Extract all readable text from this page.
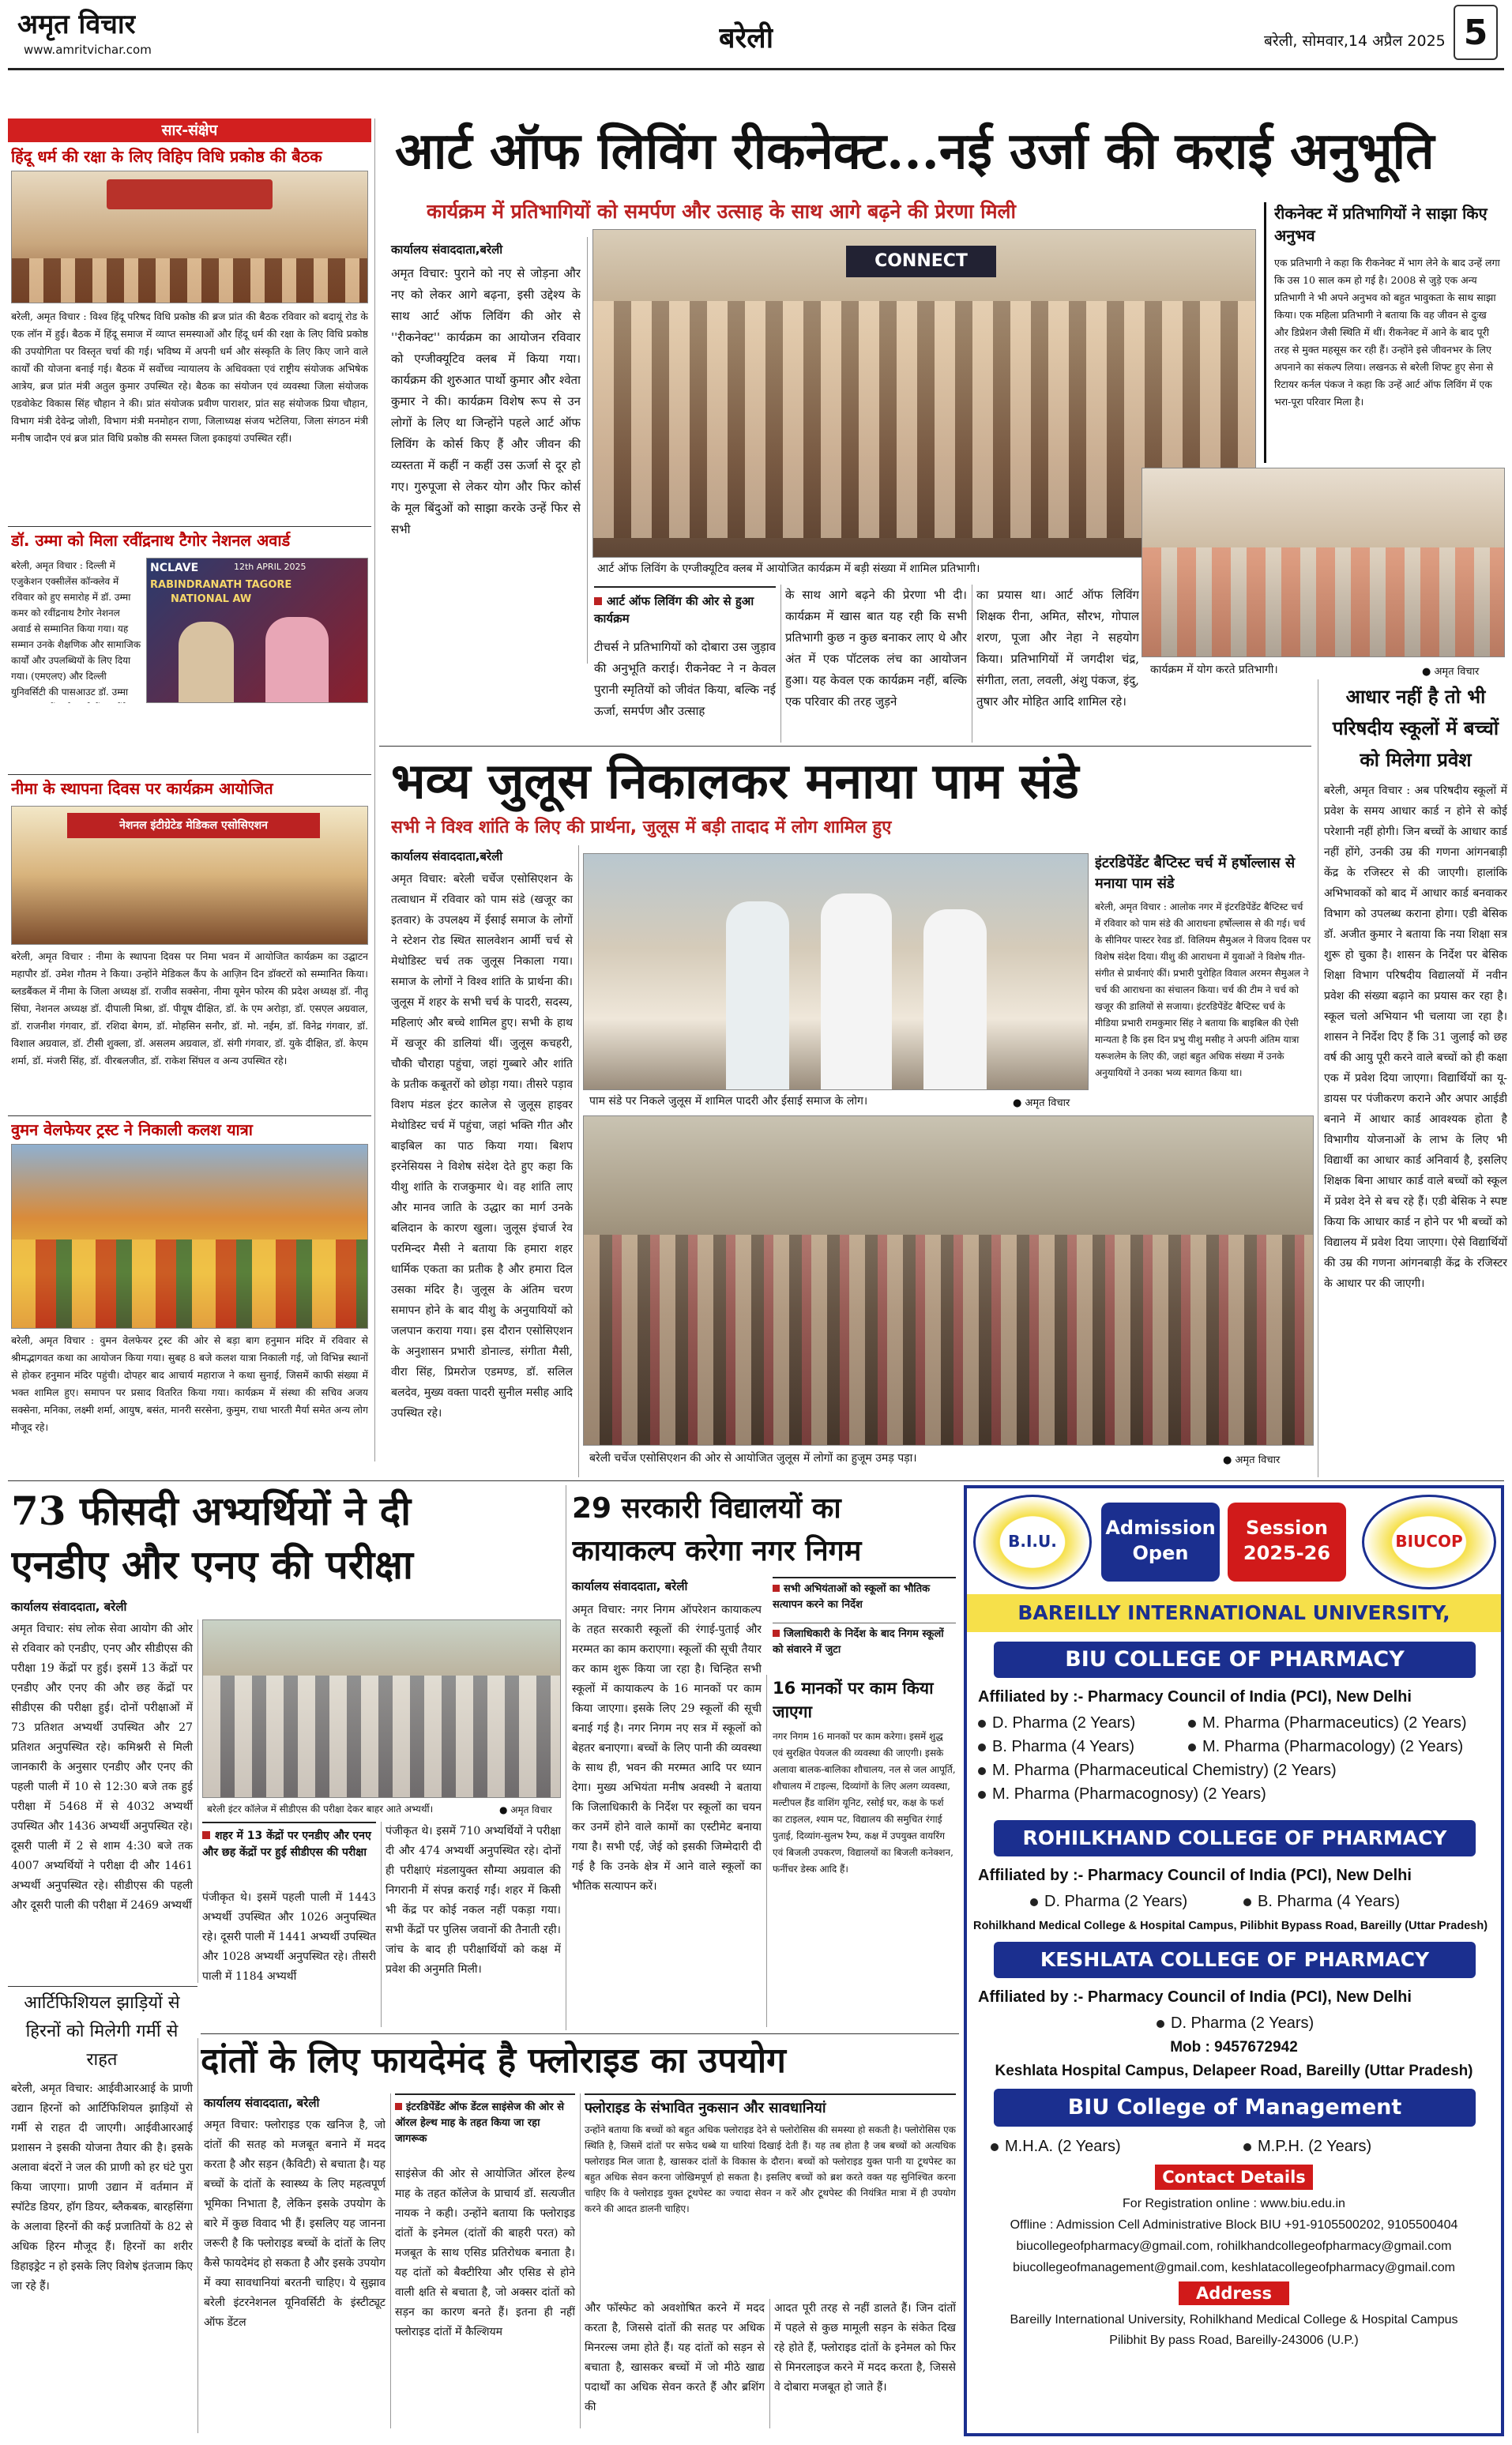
अमृत विचार
www.amritvichar.com	बरेली	बरेली, सोमवार,14 अप्रैल 2025 5
सार-संक्षेप
हिंदू धर्म की रक्षा के लिए विहिप विधि प्रकोष्ठ की बैठक
बरेली, अमृत विचार : विश्व हिंदू परिषद विधि प्रकोष्ठ की ब्रज प्रांत की बैठक रविवार को बदायूं रोड के एक लॉन में हुई। बैठक में हिंदू समाज में व्याप्त समस्याओं और हिंदू धर्म की रक्षा के लिए विधि प्रकोष्ठ की उपयोगिता पर विस्तृत चर्चा की गई। भविष्य में अपनी धर्म और संस्कृति के लिए किए जाने वाले कार्यों की योजना बनाई गई। बैठक में सर्वोच्च न्यायालय के अधिवक्ता एवं राष्ट्रीय संयोजक अभिषेक आत्रेय, ब्रज प्रांत मंत्री अतुल कुमार उपस्थित रहे। बैठक का संयोजन एवं व्यवस्था जिला संयोजक एडवोकेट विकास सिंह चौहान ने की। प्रांत संयोजक प्रवीण पाराशर, प्रांत सह संयोजक प्रिया चौहान, विभाग मंत्री देवेन्द्र जोशी, विभाग मंत्री मनमोहन राणा, जिलाध्यक्ष संजय भटेलिया, जिला संगठन मंत्री मनीष जादौन एवं ब्रज प्रांत विधि प्रकोष्ठ की समस्त जिला इकाइयां उपस्थित रहीं।
डॉ. उम्मा को मिला रवींद्रनाथ टैगोर नेशनल अवार्ड
NCLAVE	12th APRIL 2025
RABINDRANATH TAGORE
NATIONAL AW
बरेली, अमृत विचार : दिल्ली में एजुकेशन एक्सीलेंस कॉन्क्लेव में रविवार को हुए समारोह में डॉ. उम्मा कमर को रवींद्रनाथ टैगोर नेशनल अवार्ड से सम्मानित किया गया। यह सम्मान उनके शैक्षणिक और सामाजिक कार्यों और उपलब्धियों के लिए दिया गया। (एमएलए) और दिल्ली युनिवर्सिटी की पासआउट डॉ. उम्मा
नीमा के स्थापना दिवस पर कार्यक्रम आयोजित
नेशनल इंटीग्रेटेड मेडिकल एसोसिएशन
बरेली, अमृत विचार : नीमा के स्थापना दिवस पर निमा भवन में आयोजित कार्यक्रम का उद्घाटन महापौर डॉ. उमेश गौतम ने किया। उन्होंने मेडिकल कैंप के आज़िन दिन डॉक्टरों को सम्मानित किया। ब्लडबैंकल में नीमा के जिला अध्यक्ष डॉ. राजीव सक्सेना, नीमा यूमेन फोरम की प्रदेश अध्यक्ष डॉ. नीतू सिंघा, नेशनल अध्यक्ष डॉ. दीपाली मिश्रा, डॉ. पीयूष दीक्षित, डॉ. के एम अरोड़ा, डॉ. एसएल अग्रवाल, डॉ. राजनीश गंगवार, डॉ. रशिदा बेगम, डॉ. मोहसिन सनौर, डॉ. मो. नईम, डॉ. विनेद्र गंगवार, डॉ. विशाल अग्रवाल, डॉ. टीसी शुक्ला, डॉ. असलम अग्रवाल, डॉ. संगी गंगवार, डॉ. युके दीक्षित, डॉ. केएम शर्मा, डॉ. मंजरी सिंह, डॉ. वीरबलजीत, डॉ. राकेश सिंघल व अन्य उपस्थित रहे।
वुमन वेलफेयर ट्रस्ट ने निकाली कलश यात्रा
बरेली, अमृत विचार : वुमन वेलफेयर ट्रस्ट की ओर से बड़ा बाग हनुमान मंदिर में रविवार से श्रीमद्भागवत कथा का आयोजन किया गया। सुबह 8 बजे कलश यात्रा निकाली गई, जो विभिन्न स्थानों से होकर हनुमान मंदिर पहुंची। दोपहर बाद आचार्य महाराज ने कथा सुनाई, जिसमें काफी संख्या में भक्त शामिल हुए। समापन पर प्रसाद वितरित किया गया। कार्यक्रम में संस्था की सचिव अजय सक्सेना, मनिका, लक्ष्मी शर्मा, आयुष, बसंत, मानरी सरसेना, कुमुम, राधा भारती मैर्या समेत अन्य लोग मौजूद रहे।
आर्ट ऑफ लिविंग रीकनेक्ट...नई उर्जा की कराई अनुभूति
कार्यक्रम में प्रतिभागियों को समर्पण और उत्साह के साथ आगे बढ़ने की प्रेरणा मिली
कार्यालय संवाददाता,बरेली
अमृत विचार: पुराने को नए से जोड़ना और नए को लेकर आगे बढ़ना, इसी उद्देश्य के साथ आर्ट ऑफ लिविंग की ओर से ''रीकनेक्ट'' कार्यक्रम का आयोजन रविवार को एग्जीक्यूटिव क्लब में किया गया। कार्यक्रम की शुरुआत पार्थो कुमार और श्वेता कुमार ने की। कार्यक्रम विशेष रूप से उन लोगों के लिए था जिन्होंने पहले आर्ट ऑफ लिविंग के कोर्स किए हैं और जीवन की व्यस्तता में कहीं न कहीं उस ऊर्जा से दूर हो गए। गुरुपूजा से लेकर योग और फिर कोर्स के मूल बिंदुओं को साझा करके उन्हें फिर से सभी
CONNECT
आर्ट ऑफ लिविंग के एग्जीक्यूटिव क्लब में आयोजित कार्यक्रम में बड़ी संख्या में शामिल प्रतिभागी।
आर्ट ऑफ लिविंग की ओर से हुआ कार्यक्रम
टीचर्स ने प्रतिभागियों को दोबारा उस जुड़ाव की अनुभूति कराई। रीकनेक्ट ने न केवल पुरानी स्मृतियों को जीवंत किया, बल्कि नई ऊर्जा, समर्पण और उत्साह
के साथ आगे बढ़ने की प्रेरणा भी दी। कार्यक्रम में खास बात यह रही कि सभी प्रतिभागी कुछ न कुछ बनाकर लाए थे और अंत में एक पॉटलक लंच का आयोजन हुआ। यह केवल एक कार्यक्रम नहीं, बल्कि एक परिवार की तरह जुड़ने
का प्रयास था। आर्ट ऑफ लिविंग शिक्षक रीना, अमित, सौरभ, गोपाल शरण, पूजा और नेहा ने सहयोग किया। प्रतिभागियों में जगदीश चंद्र, संगीता, लता, लवली, अंशु पंकज, इंदु, तुषार और मोहित आदि शामिल रहे।
रीकनेक्ट में प्रतिभागियों ने साझा किए अनुभव
एक प्रतिभागी ने कहा कि रीकनेक्ट में भाग लेने के बाद उन्हें लगा कि उस 10 साल कम हो गई है। 2008 से जुड़े एक अन्य प्रतिभागी ने भी अपने अनुभव को बहुत भावुकता के साथ साझा किया। एक महिला प्रतिभागी ने बताया कि वह जीवन से दुःख और डिप्रेशन जैसी स्थिति में थीं। रीकनेक्ट में आने के बाद पूरी तरह से मुक्त महसूस कर रही हैं। उन्होंने इसे जीवनभर के लिए अपनाने का संकल्प लिया। लखनऊ से बरेली शिफ्ट हुए सेना से रिटायर कर्नल पंकज ने कहा कि उन्हें आर्ट ऑफ लिविंग में एक भरा-पूरा परिवार मिला है।
कार्यक्रम में योग करते प्रतिभागी।	● अमृत विचार
भव्य जुलूस निकालकर मनाया पाम संडे
सभी ने विश्व शांति के लिए की प्रार्थना, जुलूस में बड़ी तादाद में लोग शामिल हुए
कार्यालय संवाददाता,बरेली
अमृत विचार: बरेली चर्चेज एसोसिएशन के तत्वाधान में रविवार को पाम संडे (खजूर का इतवार) के उपलक्ष्य में ईसाई समाज के लोगों ने स्टेशन रोड स्थित सालवेशन आर्मी चर्च से मेथोडिस्ट चर्च तक जुलूस निकाला गया। समाज के लोगों ने विश्व शांति के प्रार्थना की। जुलूस में शहर के सभी चर्च के पादरी, सदस्य, महिलाएं और बच्चे शामिल हुए। सभी के हाथ में खजूर की डालियां थीं। जुलूस कचहरी, चौकी चौराहा पहुंचा, जहां गुब्बारे और शांति के प्रतीक कबूतरों को छोड़ा गया। तीसरे पड़ाव विशप मंडल इंटर कालेज से जुलूस हाइवर मेथोडिस्ट चर्च में पहुंचा, जहां भक्ति गीत और बाइबिल का पाठ किया गया। बिशप इरनेसियस ने विशेष संदेश देते हुए कहा कि यीशु शांति के राजकुमार थे। वह शांति लाए और मानव जाति के उद्धार का मार्ग उनके बलिदान के कारण खुला। जुलूस इंचार्ज रेव परमिन्दर मैसी ने बताया कि हमारा शहर धार्मिक एकता का प्रतीक है और हमारा दिल उसका मंदिर है। जुलूस के अंतिम चरण समापन होने के बाद यीशु के अनुयायियों को जलपान कराया गया। इस दौरान एसोसिएशन के अनुशासन प्रभारी डोनाल्ड, संगीता मैसी, वीरा सिंह, प्रिमरोज एडमण्ड, डॉ. सलिल बलदेव, मुख्य वक्ता पादरी सुनील मसीह आदि उपस्थित रहे।
पाम संडे पर निकले जुलूस में शामिल पादरी और ईसाई समाज के लोग।	● अमृत विचार
इंटरडिपेंडेंट बैप्टिस्ट चर्च में हर्षोल्लास से मनाया पाम संडे
बरेली, अमृत विचार : आलोक नगर में इंटरडिपेंडेंट बैप्टिस्ट चर्च में रविवार को पाम संडे की आराधना हर्षोल्लास से की गई। चर्च के सीनियर पास्टर रेवड डॉ. विलियम सैमुअल ने विजय दिवस पर विशेष संदेश दिया। यीशु की आराधना में युवाओं ने विशेष गीत-संगीत से प्रार्थनाएं कीं। प्रभारी पुरोहित विवाल अरमन सैमुअल ने चर्च की आराधना का संचालन किया। चर्च की टीम ने चर्च को खजूर की डालियों से सजाया। इंटरडिपेंडेंट बैप्टिस्ट चर्च के मीडिया प्रभारी रामकुमार सिंह ने बताया कि बाइबिल की ऐसी मान्यता है कि इस दिन प्रभु यीशु मसीह ने अपनी अंतिम यात्रा यरूशलेम के लिए की, जहां बहुत अधिक संख्या में उनके अनुयायियों ने उनका भव्य स्वागत किया था।
बरेली चर्चेज एसोसिएशन की ओर से आयोजित जुलूस में लोगों का हुजूम उमड़ पड़ा।	● अमृत विचार
आधार नहीं है तो भी परिषदीय स्कूलों में बच्चों को मिलेगा प्रवेश
बरेली, अमृत विचार : अब परिषदीय स्कूलों में प्रवेश के समय आधार कार्ड न होने से कोई परेशानी नहीं होगी। जिन बच्चों के आधार कार्ड नहीं होंगे, उनकी उम्र की गणना आंगनबाड़ी केंद्र के रजिस्टर से की जाएगी। हालांकि अभिभावकों को बाद में आधार कार्ड बनवाकर विभाग को उपलब्ध कराना होगा। एडी बेसिक डॉ. अजीत कुमार ने बताया कि नया शिक्षा सत्र शुरू हो चुका है। शासन के निर्देश पर बेसिक शिक्षा विभाग परिषदीय विद्यालयों में नवीन प्रवेश की संख्या बढ़ाने का प्रयास कर रहा है। स्कूल चलो अभियान भी चलाया जा रहा है। शासन ने निर्देश दिए हैं कि 31 जुलाई को छह वर्ष की आयु पूरी करने वाले बच्चों को ही कक्षा एक में प्रवेश दिया जाएगा। विद्यार्थियों का यू-डायस पर पंजीकरण कराने और अपार आईडी बनाने में आधार कार्ड आवश्यक होता है विभागीय योजनाओं के लाभ के लिए भी विद्यार्थी का आधार कार्ड अनिवार्य है, इसलिए शिक्षक बिना आधार कार्ड वाले बच्चों को स्कूल में प्रवेश देने से बच रहे हैं। एडी बेसिक ने स्पष्ट किया कि आधार कार्ड न होने पर भी बच्चों को विद्यालय में प्रवेश दिया जाएगा। ऐसे विद्यार्थियों की उम्र की गणना आंगनबाड़ी केंद्र के रजिस्टर के आधार पर की जाएगी।
73 फीसदी अभ्यर्थियों ने दी
एनडीए और एनए की परीक्षा
कार्यालय संवाददाता, बरेली
अमृत विचार: संघ लोक सेवा आयोग की ओर से रविवार को एनडीए, एनए और सीडीएस की परीक्षा 19 केंद्रों पर हुई। इसमें 13 केंद्रों पर एनडीए और एनए की और छह केंद्रों पर सीडीएस की परीक्षा हुई। दोनों परीक्षाओं में 73 प्रतिशत अभ्यर्थी उपस्थित और 27 प्रतिशत अनुपस्थित रहे। कमिश्नरी से मिली जानकारी के अनुसार एनडीए और एनए की पहली पाली में 10 से 12:30 बजे तक हुई परीक्षा में 5468 में से 4032 अभ्यर्थी उपस्थित और 1436 अभ्यर्थी अनुपस्थित रहे। दूसरी पाली में 2 से शाम 4:30 बजे तक 4007 अभ्यर्थियों ने परीक्षा दी और 1461 अभ्यर्थी अनुपस्थित रहे। सीडीएस की पहली और दूसरी पाली की परीक्षा में 2469 अभ्यर्थी
बरेली इंटर कॉलेज में सीडीएस की परीक्षा देकर बाहर आते अभ्यर्थी।	● अमृत विचार
शहर में 13 केंद्रों पर एनडीए और एनए और छह केंद्रों पर हुई सीडीएस की परीक्षा
पंजीकृत थे। इसमें पहली पाली में 1443 अभ्यर्थी उपस्थित और 1026 अनुपस्थित रहे। दूसरी पाली में 1441 अभ्यर्थी उपस्थित और 1028 अभ्यर्थी अनुपस्थित रहे। तीसरी पाली में 1184 अभ्यर्थी
पंजीकृत थे। इसमें 710 अभ्यर्थियों ने परीक्षा दी और 474 अभ्यर्थी अनुपस्थित रहे। दोनों ही परीक्षाएं मंडलायुक्त सौम्या अग्रवाल की निगरानी में संपन्न कराई गईं। शहर में किसी भी केंद्र पर कोई नकल नहीं पकड़ा गया। सभी केंद्रों पर पुलिस जवानों की तैनाती रही। जांच के बाद ही परीक्षार्थियों को कक्ष में प्रवेश की अनुमति मिली।
आर्टिफिशियल झाड़ियों से हिरनों को मिलेगी गर्मी से राहत
बरेली, अमृत विचार: आईवीआरआई के प्राणी उद्यान हिरनों को आर्टिफिशियल झाड़ियों से गर्मी से राहत दी जाएगी। आईवीआरआई प्रशासन ने इसकी योजना तैयार की है। इसके अलावा बंदरों ने जल की प्राणी को हर घंटे पुरा किया जाएगा। प्राणी उद्यान में वर्तमान में स्पॉटेड डियर, हॉग डियर, ब्लैकबक, बारहसिंगा के अलावा हिरनों की कई प्रजातियों के 82 से अधिक हिरन मौजूद हैं। हिरनों का शरीर डिहाइड्रेट न हो इसके लिए विशेष इंतजाम किए जा रहे हैं।
29 सरकारी विद्यालयों का
कायाकल्प करेगा नगर निगम
कार्यालय संवाददाता, बरेली	सभी अभियंताओं को स्कूलों का भौतिक सत्यापन करने का निर्देश
जिलाधिकारी के निर्देश के बाद निगम स्कूलों को संवारने में जुटा
अमृत विचार: नगर निगम ऑपरेशन कायाकल्प के तहत सरकारी स्कूलों की रंगाई-पुताई और मरम्मत का काम कराएगा। स्कूलों की सूची तैयार कर काम शुरू किया जा रहा है। चिन्हित सभी स्कूलों में कायाकल्प के 16 मानकों पर काम किया जाएगा। इसके लिए 29 स्कूलों की सूची बनाई गई है। नगर निगम नए सत्र में स्कूलों को बेहतर बनाएगा। बच्चों के लिए पानी की व्यवस्था के साथ ही, भवन की मरम्मत आदि पर ध्यान देगा। मुख्य अभियंता मनीष अवस्थी ने बताया कि जिलाधिकारी के निर्देश पर स्कूलों का चयन कर उनमें होने वाले कामों का एस्टीमेट बनाया गया है। सभी एई, जेई को इसकी जिम्मेदारी दी गई है कि उनके क्षेत्र में आने वाले स्कूलों का भौतिक सत्यापन करें।
16 मानकों पर काम किया जाएगा
नगर निगम 16 मानकों पर काम करेगा। इसमें शुद्ध एवं सुरक्षित पेयजल की व्यवस्था की जाएगी। इसके अलावा बालक-बालिका शौचालय, नल से जल आपूर्ति, शौचालय में टाइल्स, दिव्यांगों के लिए अलग व्यवस्था, मल्टीपल हैंड वाशिंग यूनिट, रसोई घर, कक्ष के फर्श का टाइलल, श्याम पट, विद्यालय की समुचित रंगाई पुताई, दिव्यांग-सुलभ रैम्प, कक्ष में उपयुक्त वायरिंग एवं बिजली उपकरण, विद्यालयों का बिजली कनेक्शन, फर्नीचर डेस्क आदि हैं।
B.I.U.
Admission
Open
Session
2025-26
BIUCOP
BAREILLY INTERNATIONAL UNIVERSITY,
BIU COLLEGE OF PHARMACY
Affiliated by :- Pharmacy Council of India (PCI), New Delhi
D. Pharma (2 Years)	M. Pharma (Pharmaceutics) (2 Years)
B. Pharma (4 Years)	M. Pharma (Pharmacology) (2 Years)
M. Pharma (Pharmaceutical Chemistry) (2 Years)
M. Pharma (Pharmacognosy) (2 Years)
ROHILKHAND COLLEGE OF PHARMACY
Affiliated by :- Pharmacy Council of India (PCI), New Delhi
D. Pharma (2 Years)	B. Pharma (4 Years)
Rohilkhand Medical College & Hospital Campus, Pilibhit Bypass Road, Bareilly (Uttar Pradesh)
KESHLATA COLLEGE OF PHARMACY
Affiliated by :- Pharmacy Council of India (PCI), New Delhi
D. Pharma (2 Years)
Mob : 9457672942
Keshlata Hospital Campus, Delapeer Road, Bareilly (Uttar Pradesh)
BIU College of Management
M.H.A. (2 Years)	M.P.H. (2 Years)
Contact Details
For Registration online : www.biu.edu.in
Offline : Admission Cell Administrative Block BIU +91-9105500202, 9105500404
biucollegeofpharmacy@gmail.com, rohilkhandcollegeofpharmacy@gmail.com
biucollegeofmanagement@gmail.com, keshlatacollegeofpharmacy@gmail.com
Address
Bareilly International University, Rohilkhand Medical College & Hospital Campus
Pilibhit By pass Road, Bareilly-243006 (U.P.)
दांतों के लिए फायदेमंद है फ्लोराइड का उपयोग
कार्यालय संवाददाता, बरेली
अमृत विचार: फ्लोराइड एक खनिज है, जो दांतों की सतह को मजबूत बनाने में मदद करता है और सड़न (कैविटी) से बचाता है। यह बच्चों के दांतों के स्वास्थ्य के लिए महत्वपूर्ण भूमिका निभाता है, लेकिन इसके उपयोग के बारे में कुछ विवाद भी हैं। इसलिए यह जानना जरूरी है कि फ्लोराइड बच्चों के दांतों के लिए कैसे फायदेमंद हो सकता है और इसके उपयोग में क्या सावधानियां बरतनी चाहिए। ये सुझाव बरेली इंटरनेशनल यूनिवर्सिटी के इंस्टीट्यूट ऑफ डेंटल
इंटरडिपेंडेंट ऑफ डेंटल साइंसेज की ओर से ऑरल हेल्थ माह के तहत किया जा रहा जागरूक
साइंसेज की ओर से आयोजित ऑरल हेल्थ माह के तहत कॉलेज के प्राचार्य डॉ. सत्यजीत नायक ने कही। उन्होंने बताया कि फ्लोराइड दांतों के इनेमल (दांतों की बाहरी परत) को मजबूत के साथ एसिड प्रतिरोधक बनाता है। यह दांतों को बैक्टीरिया और एसिड से होने वाली क्षति से बचाता है, जो अक्सर दांतों को सड़न का कारण बनते हैं। इतना ही नहीं फ्लोराइड दांतों में कैल्शियम
फ्लोराइड के संभावित नुकसान और सावधानियां
उन्होंने बताया कि बच्चों को बहुत अधिक फ्लोराइड देने से फ्लोरोसिस की समस्या हो सकती है। फ्लोरोसिस एक स्थिति है, जिसमें दांतों पर सफेद धब्बे या धारियां दिखाई देती हैं। यह तब होता है जब बच्चों को अत्यधिक फ्लोराइड मिल जाता है, खासकर दांतों के विकास के दौरान। बच्चों को फ्लोराइड युक्त पानी या टूथपेस्ट का बहुत अधिक सेवन करना जोखिमपूर्ण हो सकता है। इसलिए बच्चों को ब्रश करते वक्त यह सुनिश्चित करना चाहिए कि वे फ्लोराइड युक्त टूथपेस्ट का ज्यादा सेवन न करें और टूथपेस्ट की नियंत्रित मात्रा में ही उपयोग करने की आदत डालनी चाहिए।
और फॉस्फेट को अवशोषित करने में मदद करता है, जिससे दांतों की सतह पर अधिक मिनरल्स जमा होते हैं। यह दांतों को सड़न से बचाता है, खासकर बच्चों में जो मीठे खाद्य पदार्थों का अधिक सेवन करते हैं और ब्रशिंग की
आदत पूरी तरह से नहीं डालते हैं। जिन दांतों में पहले से कुछ मामूली सड़न के संकेत दिख रहे होते हैं, फ्लोराइड दांतों के इनेमल को फिर से मिनरलाइज करने में मदद करता है, जिससे वे दोबारा मजबूत हो जाते हैं।
